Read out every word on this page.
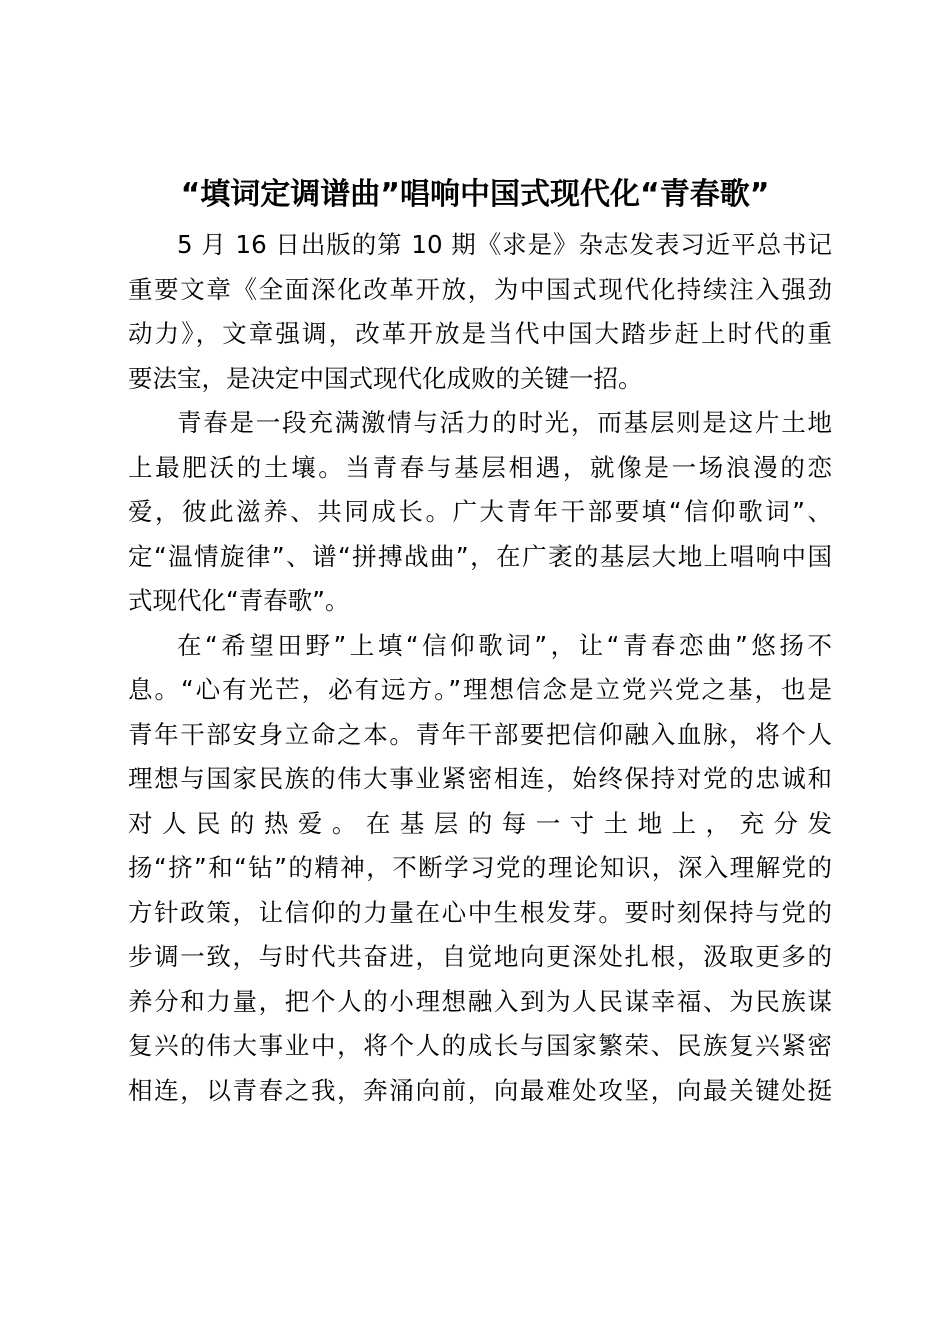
“填词定调谱曲”唱响中国式现代化“青春歌”

5 月 16 日出版的第 10 期《求是》杂志发表习近平总书记
重要文章《全面深化改革开放，为中国式现代化持续注入强劲
动力》，文章强调，改革开放是当代中国大踏步赶上时代的重
要法宝，是决定中国式现代化成败的关键一招。

青春是一段充满激情与活力的时光，而基层则是这片土地
上最肥沃的土壤。当青春与基层相遇，就像是一场浪漫的恋
爱，彼此滋养、共同成长。广大青年干部要填“信仰歌词”、
定“温情旋律”、谱“拼搏战曲”，在广袤的基层大地上唱响中国
式现代化“青春歌”。

在“希望田野”上填“信仰歌词”，让“青春恋曲”悠扬不
息。“心有光芒，必有远方。”理想信念是立党兴党之基，也是
青年干部安身立命之本。青年干部要把信仰融入血脉，将个人
理想与国家民族的伟大事业紧密相连，始终保持对党的忠诚和
对 人 民 的 热 爱 。 在 基 层 的 每 一 寸 土 地 上 ， 充 分 发
扬“挤”和“钻”的精神，不断学习党的理论知识，深入理解党的
方针政策，让信仰的力量在心中生根发芽。要时刻保持与党的
步调一致，与时代共奋进，自觉地向更深处扎根，汲取更多的
养分和力量，把个人的小理想融入到为人民谋幸福、为民族谋
复兴的伟大事业中，将个人的成长与国家繁荣、民族复兴紧密
相连，以青春之我，奔涌向前，向最难处攻坚，向最关键处挺
